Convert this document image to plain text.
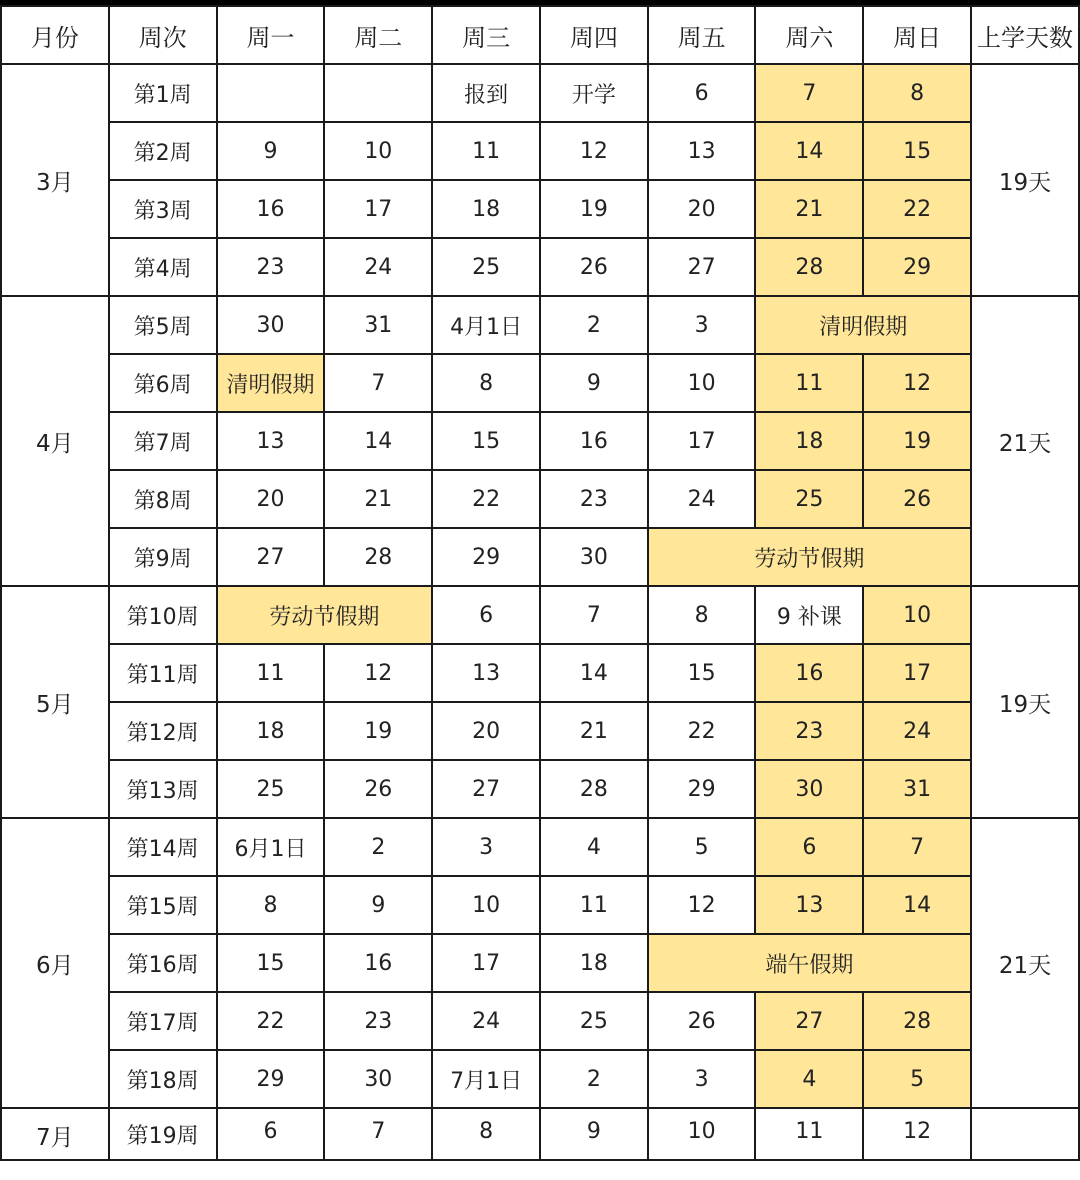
月份	周次	周一	周二	周三	周四	周五	周六	周日	上学天数
3月	第1周			报到	开学	6	7	8	19天
	第2周	9	10	11	12	13	14	15	
	第3周	16	17	18	19	20	21	22	
	第4周	23	24	25	26	27	28	29	
4月	第5周	30	31	4月1日	2	3	清明假期		21天
	第6周	清明假期	7	8	9	10	11	12	
	第7周	13	14	15	16	17	18	19	
	第8周	20	21	22	23	24	25	26	
	第9周	27	28	29	30	劳动节假期			
5月	第10周	劳动节假期		6	7	8	9 补课	10	19天
	第11周	11	12	13	14	15	16	17	
	第12周	18	19	20	21	22	23	24	
	第13周	25	26	27	28	29	30	31	
6月	第14周	6月1日	2	3	4	5	6	7	21天
	第15周	8	9	10	11	12	13	14	
	第16周	15	16	17	18	端午假期			
	第17周	22	23	24	25	26	27	28	
	第18周	29	30	7月1日	2	3	4	5	
7月	第19周	6	7	8	9	10	11	12	
